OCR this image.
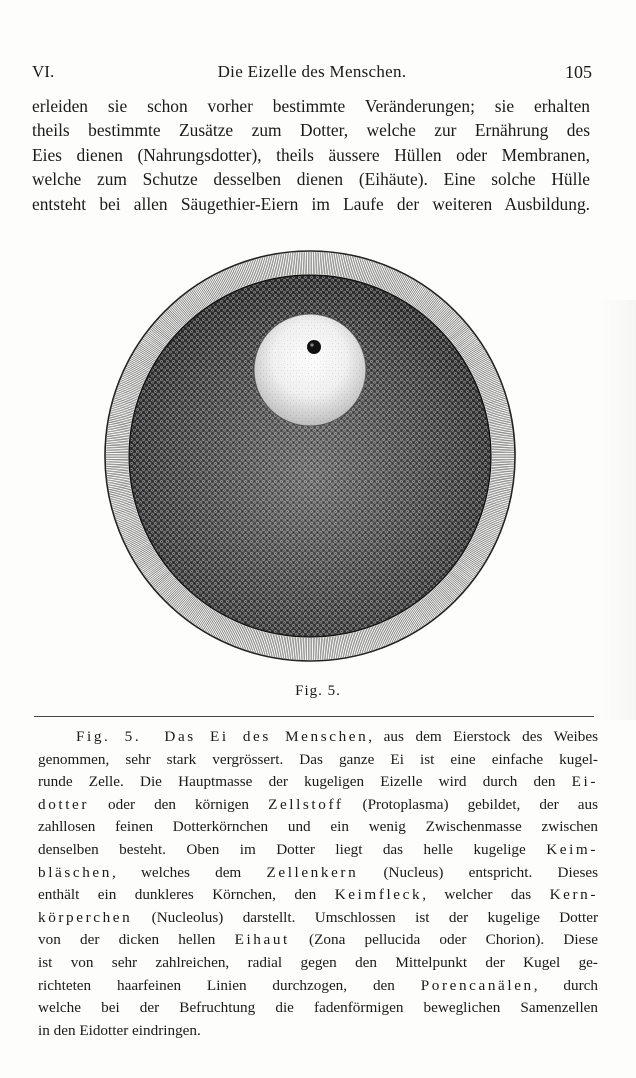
VI.	Die Eizelle des Menschen.	105
erleiden sie schon vorher bestimmte Veränderungen; sie erhalten
theils bestimmte Zusätze zum Dotter, welche zur Ernährung des
Eies dienen (Nahrungsdotter), theils äussere Hüllen oder Membranen,
welche zum Schutze desselben dienen (Eihäute). Eine solche Hülle
entsteht bei allen Säugethier-Eiern im Laufe der weiteren Ausbildung.
Fig. 5.
Fig. 5. Das Ei des Menschen, aus dem Eierstock des Weibes
genommen, sehr stark vergrössert. Das ganze Ei ist eine einfache kugel-
runde Zelle. Die Hauptmasse der kugeligen Eizelle wird durch den Ei-
dotter oder den körnigen Zellstoff (Protoplasma) gebildet, der aus
zahllosen feinen Dotterkörnchen und ein wenig Zwischenmasse zwischen
denselben besteht. Oben im Dotter liegt das helle kugelige Keim-
bläschen, welches dem Zellenkern (Nucleus) entspricht. Dieses
enthält ein dunkleres Körnchen, den Keimfleck, welcher das Kern-
körperchen (Nucleolus) darstellt. Umschlossen ist der kugelige Dotter
von der dicken hellen Eihaut (Zona pellucida oder Chorion). Diese
ist von sehr zahlreichen, radial gegen den Mittelpunkt der Kugel ge-
richteten haarfeinen Linien durchzogen, den Porencanälen, durch
welche bei der Befruchtung die fadenförmigen beweglichen Samenzellen
in den Eidotter eindringen.
